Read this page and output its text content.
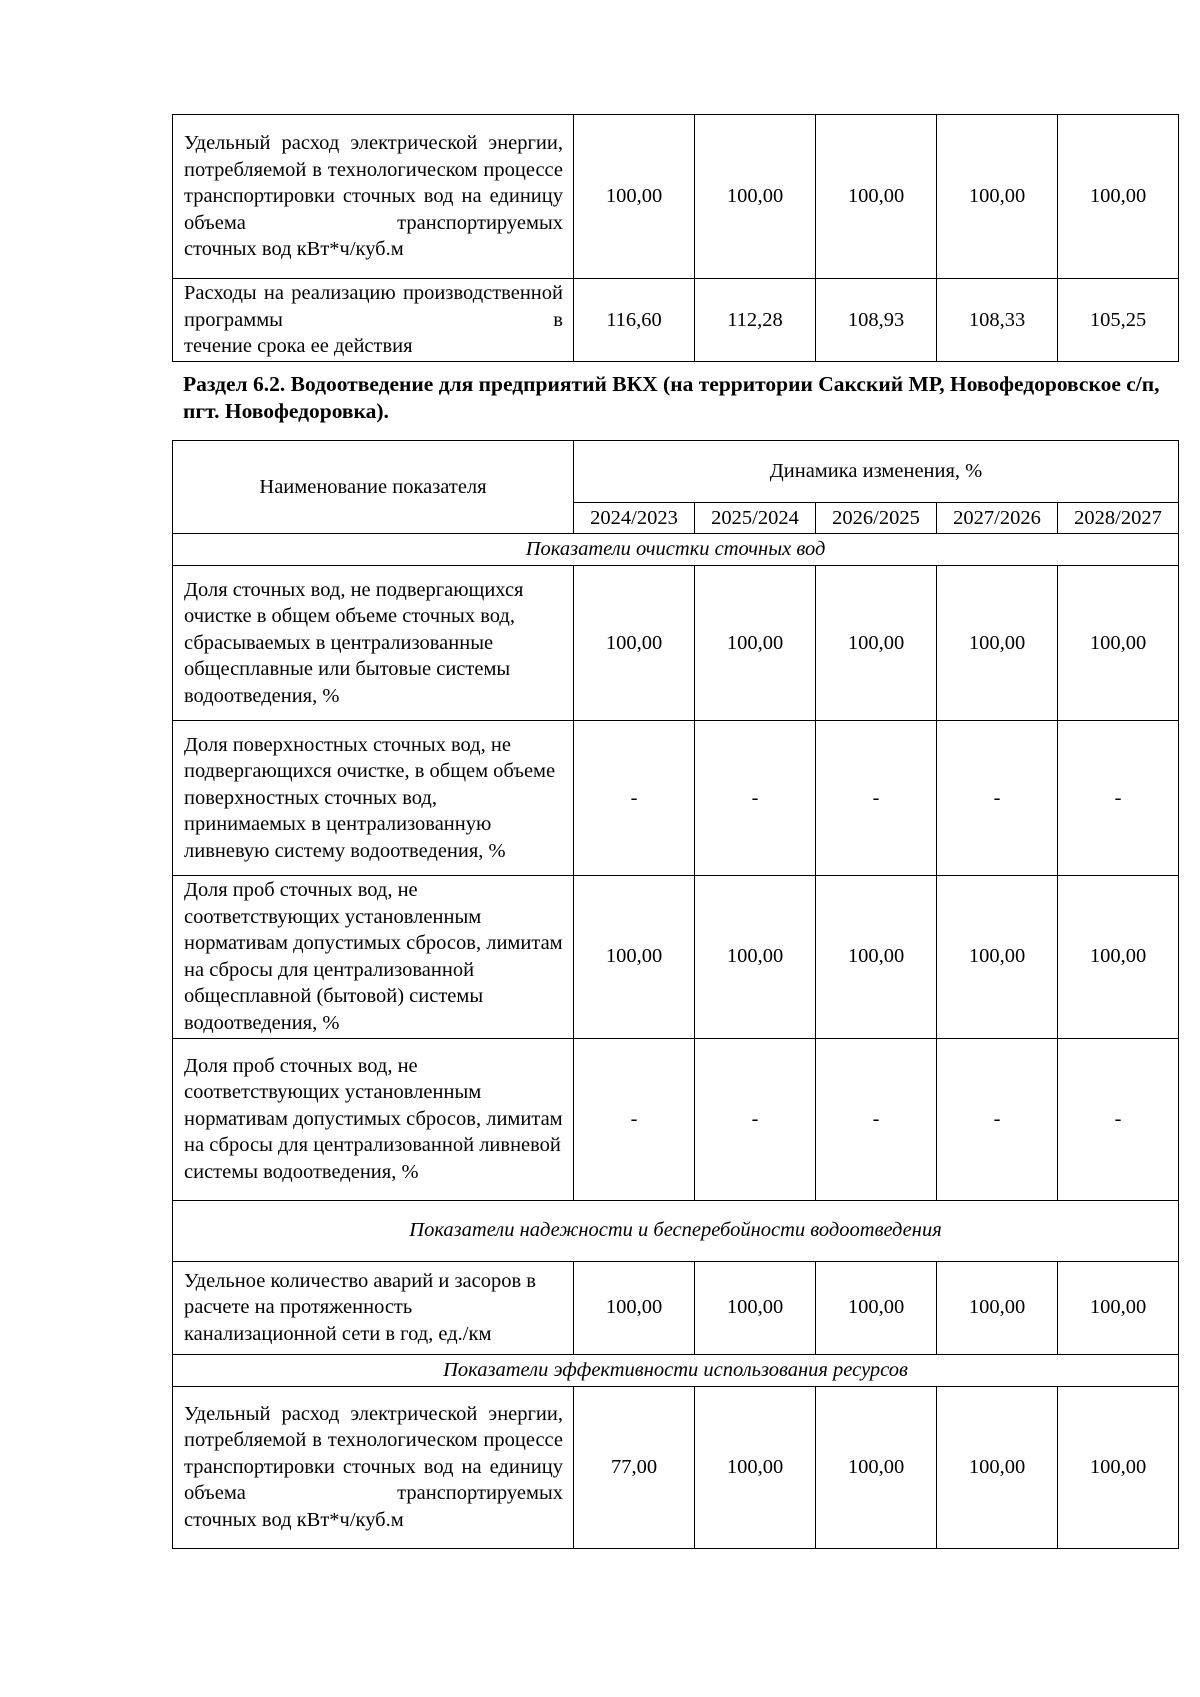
Удельный расход электрической энергии, потребляемой в технологическом процессе транспортировки сточных вод на единицу объема транспортируемых
сточных вод кВт*ч/куб.м	100,00	100,00	100,00	100,00	100,00
Расходы на реализацию производственной программы в
течение срока ее действия	116,60	112,28	108,93	108,33	105,25
Раздел 6.2. Водоотведение для предприятий ВКХ (на территории Сакский МР, Новофедоровское с/п, пгт. Новофедоровка).
Наименование показателя	Динамика изменения, %				
	2024/2023	2025/2024	2026/2025	2027/2026	2028/2027
Показатели очистки сточных вод					
Доля сточных вод, не подвергающихся очистке в общем объеме сточных вод, сбрасываемых в централизованные общесплавные или бытовые системы водоотведения, %	100,00	100,00	100,00	100,00	100,00
Доля поверхностных сточных вод, не подвергающихся очистке, в общем объеме поверхностных сточных вод, принимаемых в централизованную ливневую систему водоотведения, %	-	-	-	-	-
Доля проб сточных вод, не соответствующих установленным нормативам допустимых сбросов, лимитам на сбросы для централизованной общесплавной (бытовой) системы водоотведения, %	100,00	100,00	100,00	100,00	100,00
Доля проб сточных вод, не соответствующих установленным нормативам допустимых сбросов, лимитам на сбросы для централизованной ливневой системы водоотведения, %	-	-	-	-	-
Показатели надежности и бесперебойности водоотведения					
Удельное количество аварий и засоров в расчете на протяженность канализационной сети в год, ед./км	100,00	100,00	100,00	100,00	100,00
Показатели эффективности использования ресурсов					
Удельный расход электрической энергии, потребляемой в технологическом процессе транспортировки сточных вод на единицу объема транспортируемых
сточных вод кВт*ч/куб.м	77,00	100,00	100,00	100,00	100,00
